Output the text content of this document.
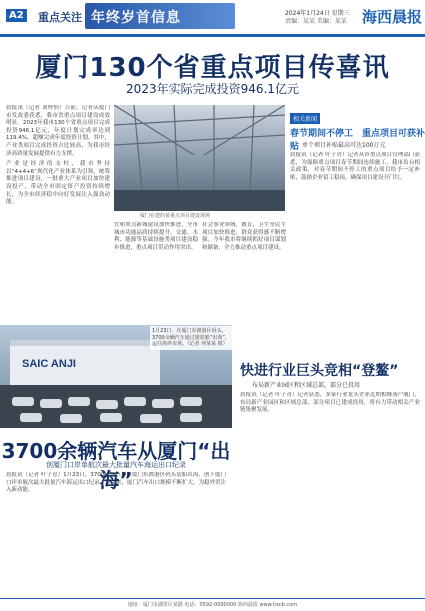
A2 重点关注 年终岁首信息	2024年1月24日 星期三
责编：某某 美编：某某 海西晨报
厦门130个省重点项目传喜讯
2023年实际完成投资946.1亿元

晨报讯（记者 刘梓怡）日前，记者从厦门市发改委获悉，我市省重点项目建设成效明显。2023年我市130个省重点项目完成投资946.1亿元，年度计划完成率达到119.4%，超额完成年度投资计划。其中，产业类项目完成投资占比较高，为我市经济高质量发展提供有力支撑。

产业是经济的支柱，我市坚持以“4+4+6”现代化产业体系为引领，统筹推进项目建设，一批重大产业项目加快建设投产，带动全市固定资产投资持续增长，为全市经济稳中向好发展注入强劲动能。

厦门在建的某重点项目建设现场

宜和重点新城建设加快推进，全市城市功能品质持续提升。交通、水利、能源等基础设施类项目建设稳步推进，重点项目带动作用突出。

社会事业领域，教育、卫生等民生项目加快推进，群众获得感不断增强。今年我市将继续抓好项目谋划和储备，全力推动重点项目建设。

相关新闻
春节期间不停工　重点项目可获补贴 单个项目补贴最高可达100万元

晨报讯（记者 叶子青）记者从市重点项目管理部门获悉，为保障重点项目春节期间连续施工，我市出台相关政策，对春节期间不停工的重点项目给予一定补贴，鼓励企业留工稳岗，确保项目建设开门红。

SAIC ANJI
1月23日，在厦门东渡港区码头，3700余辆汽车通过滚装船“出海”，运往海外市场。（记者 何某某 摄）
3700余辆汽车从厦门“出海”
创厦门口岸单航次最大批量汽车海运出口纪录

晨报讯（记者 叶子青）1月23日，3700余辆汽车在厦门东渡港区码头装船出海，创下厦门口岸单航次最大批量汽车海运出口纪录。近年来，厦门汽车出口规模不断扩大，为稳外贸注入新动能。

快进行业巨头竞相“登鳌”
布局新产业园区和区域总部，部分已投用

晨报讯（记者 叶子青）记者获悉，多家行业龙头企业近期相继落户厦门，布局新产业园区和区域总部，部分项目已建成投用，将有力带动相关产业链集聚发展。

地址：厦门市湖里区某路 电话：0592-0000000 海西晨报 www.hxcb.com
